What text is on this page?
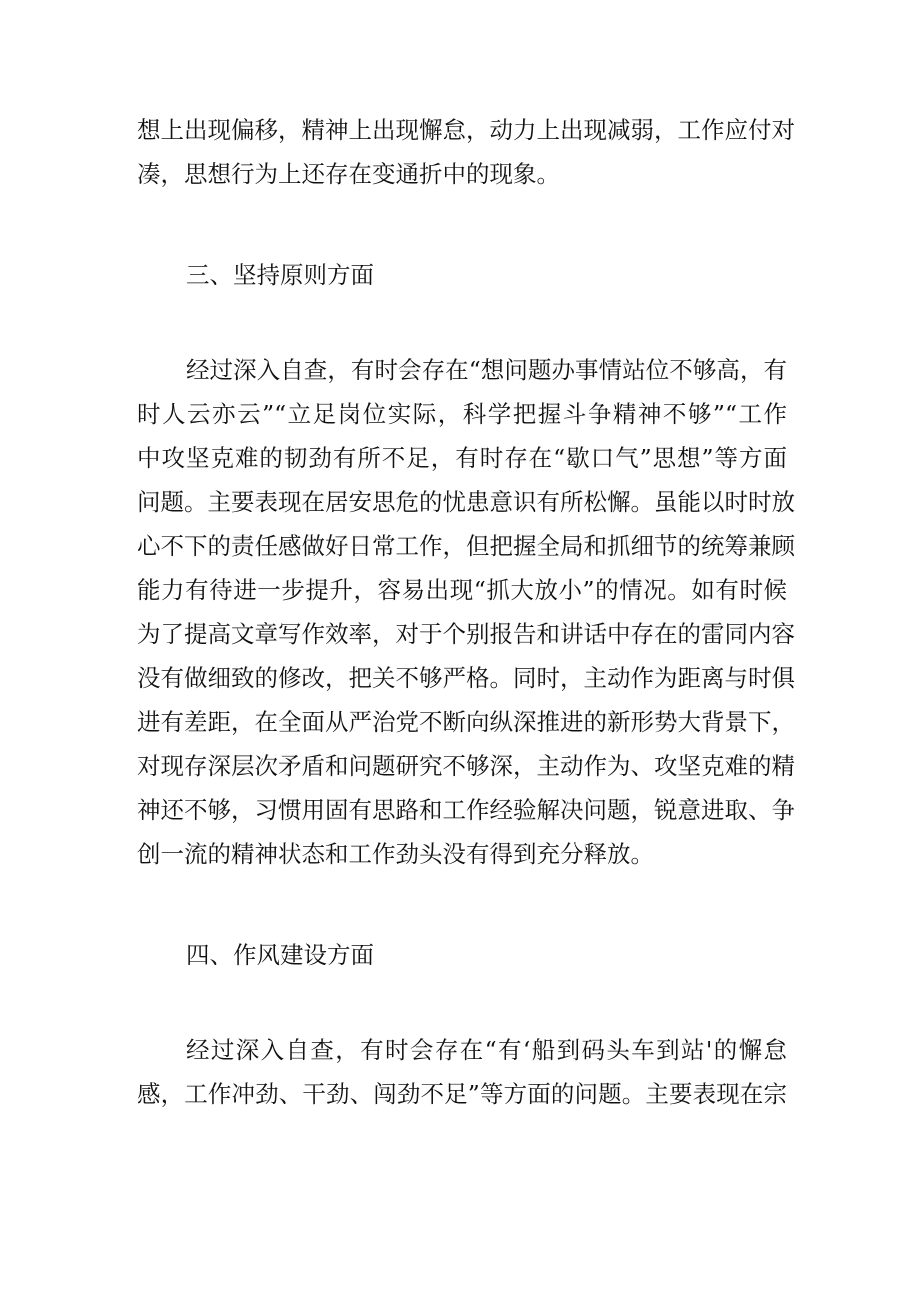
想上出现偏移，精神上出现懈怠，动力上出现减弱，工作应付对
凑，思想行为上还存在变通折中的现象。
三、坚持原则方面
经过深入自查，有时会存在“想问题办事情站位不够高，有
时人云亦云”“立足岗位实际，科学把握斗争精神不够”“工作
中攻坚克难的韧劲有所不足，有时存在“歇口气”思想”等方面
问题。主要表现在居安思危的忧患意识有所松懈。虽能以时时放
心不下的责任感做好日常工作，但把握全局和抓细节的统筹兼顾
能力有待进一步提升，容易出现“抓大放小”的情况。如有时候
为了提高文章写作效率，对于个别报告和讲话中存在的雷同内容
没有做细致的修改，把关不够严格。同时，主动作为距离与时俱
进有差距，在全面从严治党不断向纵深推进的新形势大背景下，
对现存深层次矛盾和问题研究不够深，主动作为、攻坚克难的精
神还不够，习惯用固有思路和工作经验解决问题，锐意进取、争
创一流的精神状态和工作劲头没有得到充分释放。
四、作风建设方面
经过深入自查，有时会存在“有‘船到码头车到站'的懈怠
感，工作冲劲、干劲、闯劲不足”等方面的问题。主要表现在宗
